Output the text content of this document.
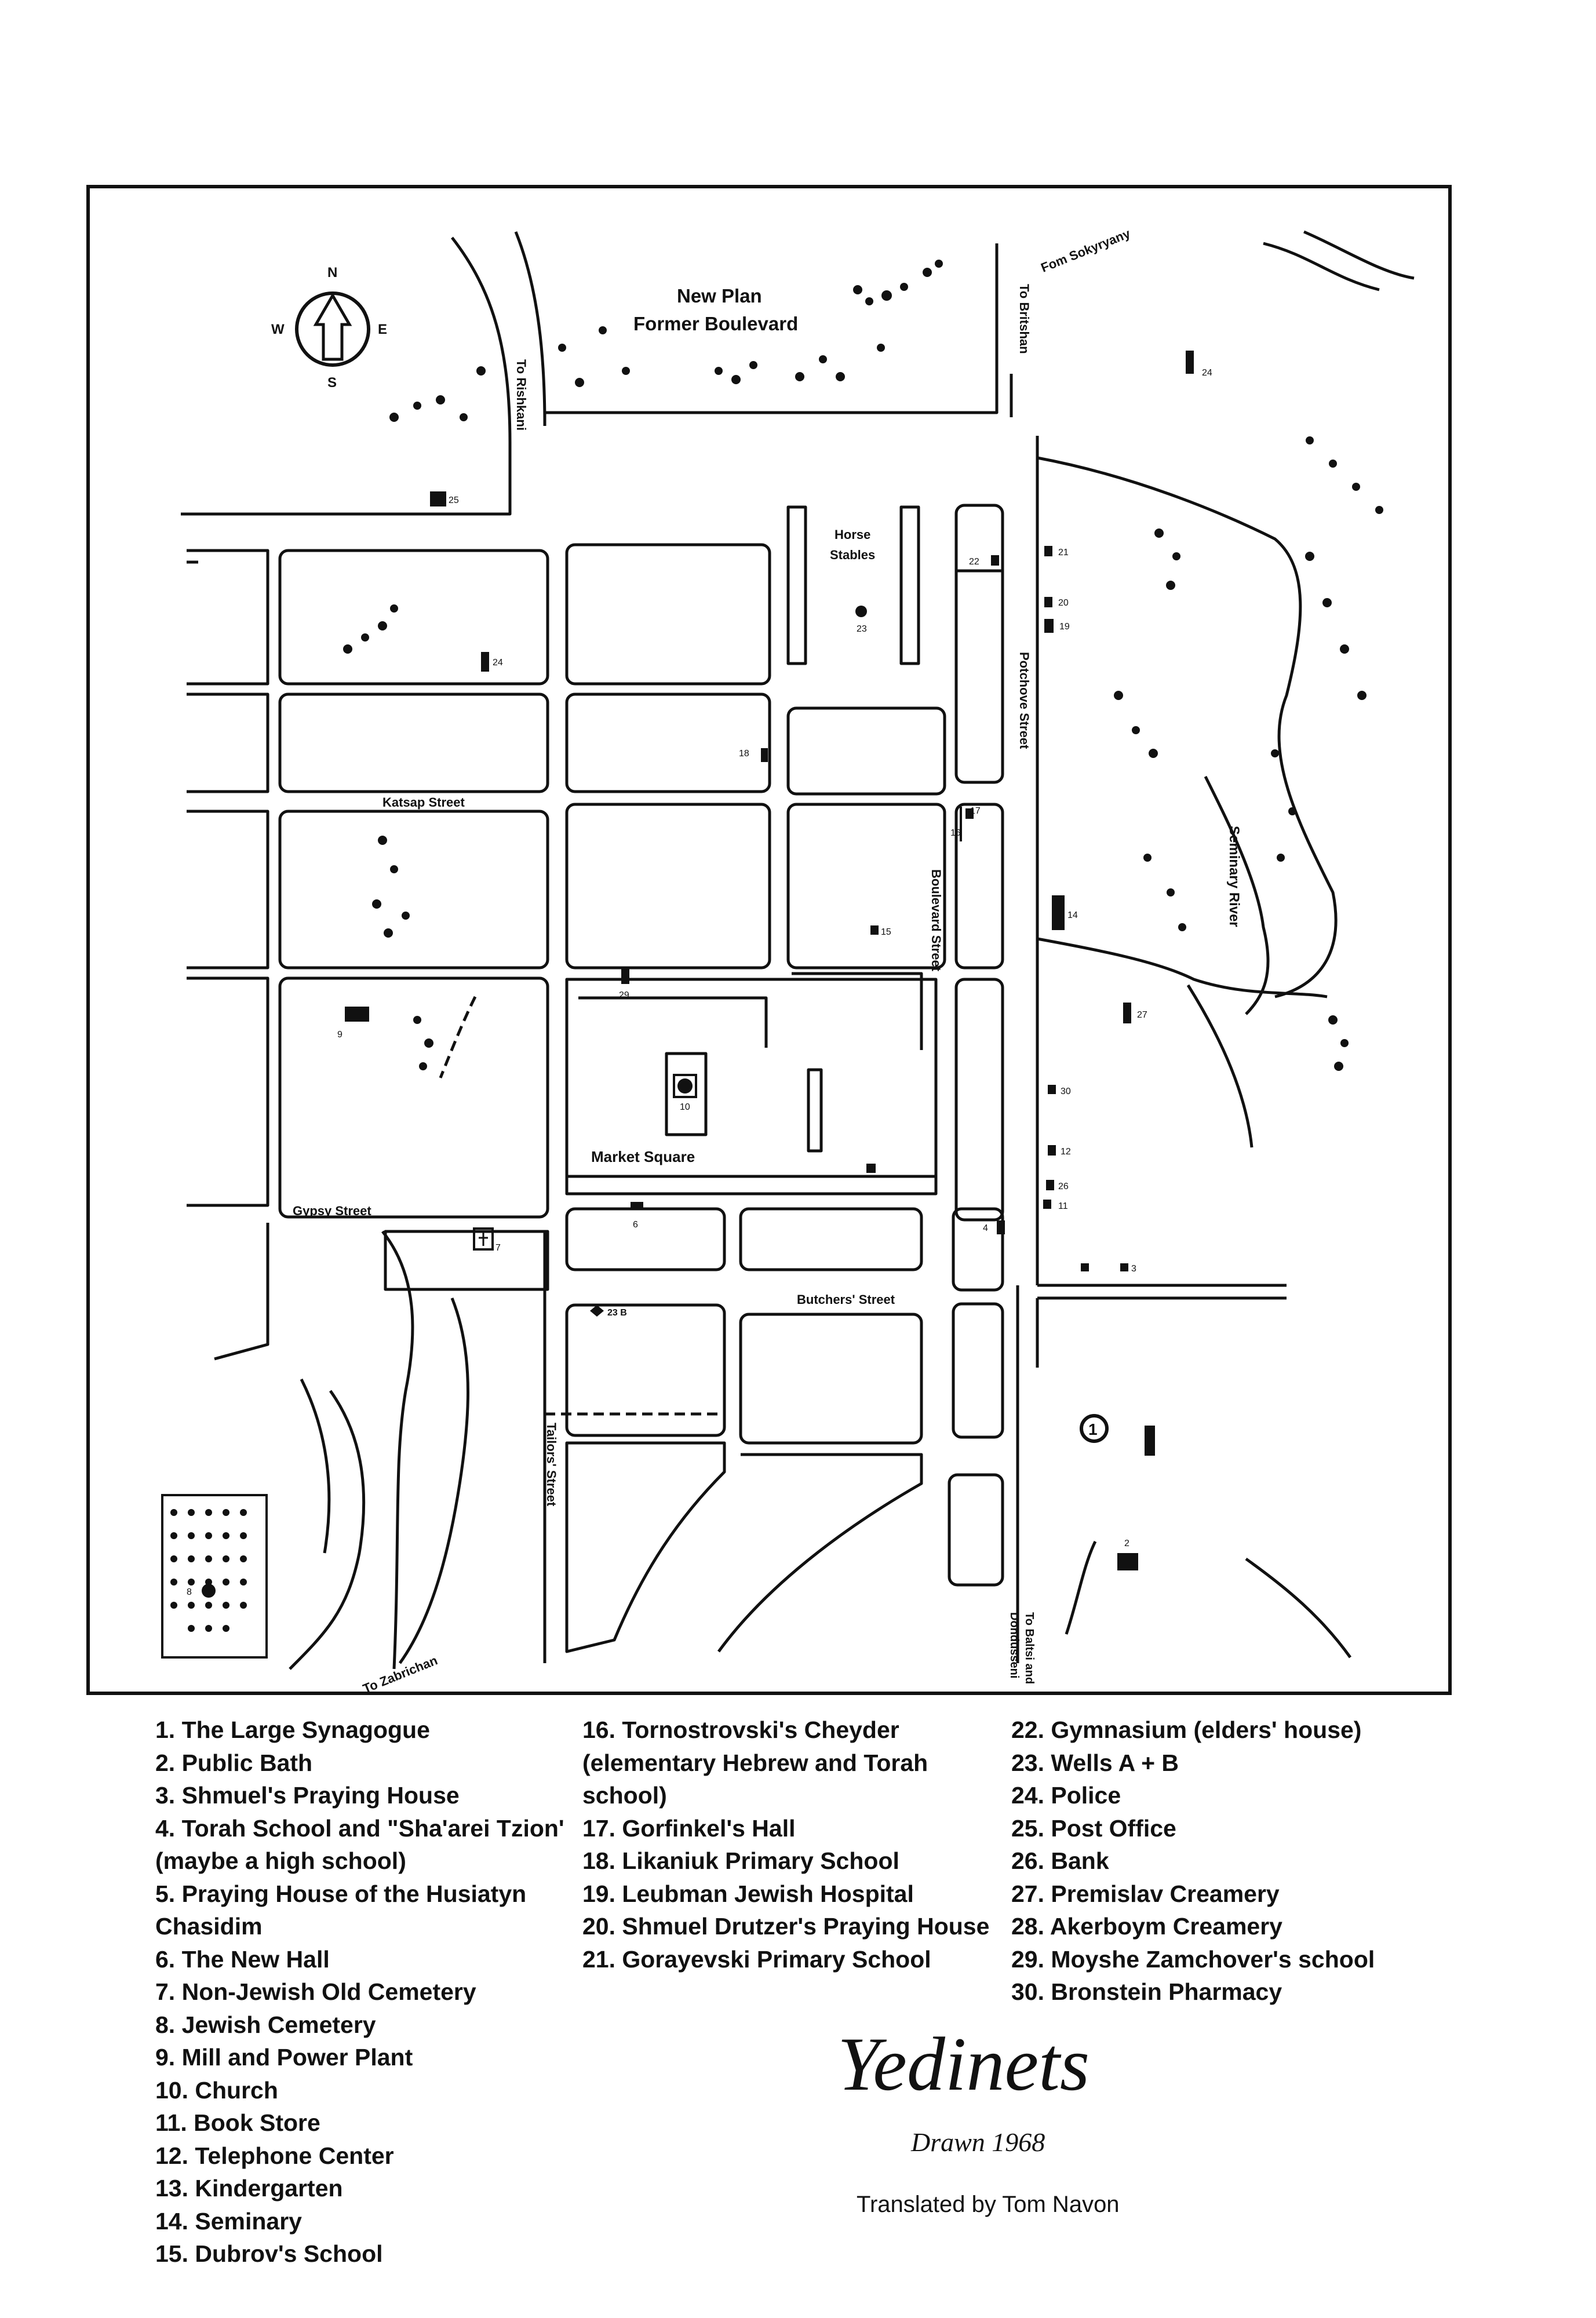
N
S
E
W
New Plan
Former Boulevard
Horse
Stables
Market Square
Seminary River
Katsap Street
Gypsy Street
Butchers' Street
Tailors' Street
Boulevard Street
Potchove Street
To Rishkani
To Britshan
Fom Sokyryany
To Zabrichan	To Baltsi and
Dondusseni
1
25
24
24
22
21
20
19
23
18
17
16
14
15
29
9
10
27
30
12
26
11
4
3
6
7
23 B
2
8
1. The Large Synagogue
2. Public Bath
3. Shmuel's Praying House
4. Torah School and "Sha'arei Tzion' (maybe a high school)
5. Praying House of the Husiatyn Chasidim
6. The New Hall
7. Non-Jewish Old Cemetery
8. Jewish Cemetery
9. Mill and Power Plant
10. Church
11. Book Store
12. Telephone Center
13. Kindergarten
14. Seminary
15. Dubrov's School
16. Tornostrovski's Cheyder (elementary Hebrew and Torah school)
17. Gorfinkel's Hall
18. Likaniuk Primary School
19. Leubman Jewish Hospital
20. Shmuel Drutzer's Praying House
21. Gorayevski Primary School
22. Gymnasium (elders' house)
23. Wells A + B
24. Police
25. Post Office
26. Bank
27. Premislav Creamery
28. Akerboym Creamery
29. Moyshe Zamchover's school
30. Bronstein Pharmacy
Yedinets
Drawn 1968
Translated by Tom Navon
